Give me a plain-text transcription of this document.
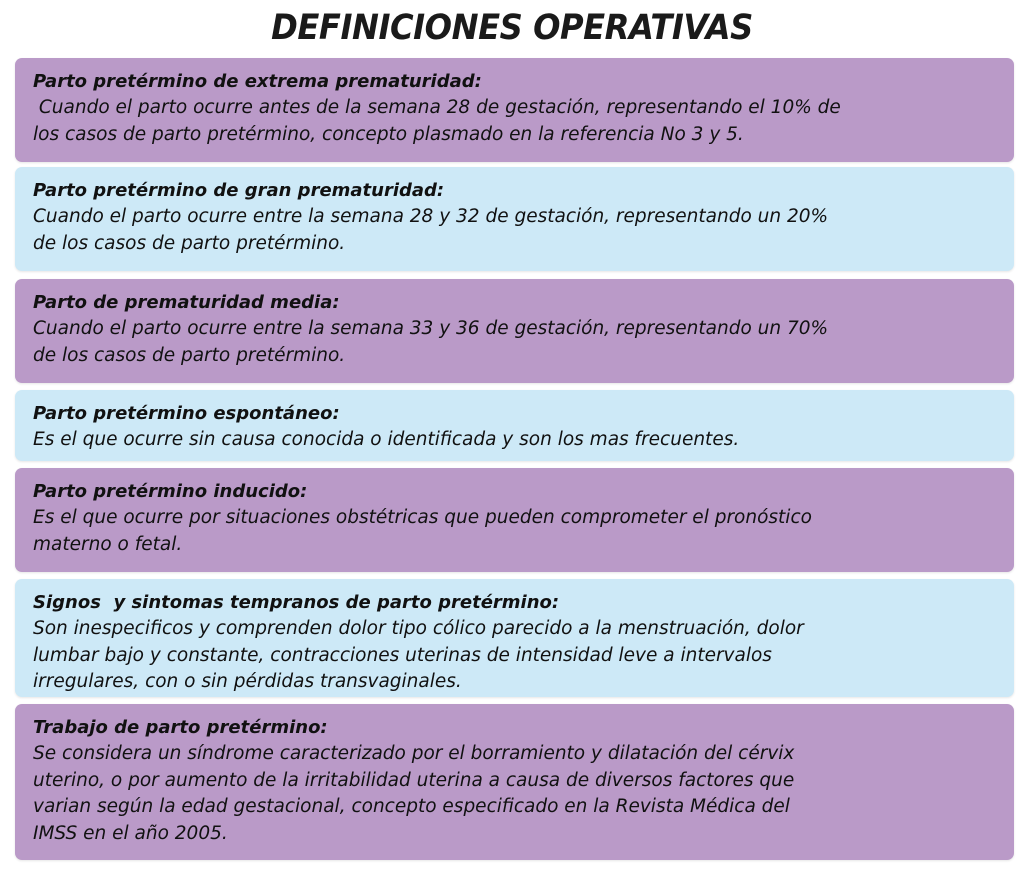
DEFINICIONES OPERATIVAS
Parto pretérmino de extrema prematuridad:
Cuando el parto ocurre antes de la semana 28 de gestación, representando el 10% de
los casos de parto pretérmino, concepto plasmado en la referencia No 3 y 5.
Parto pretérmino de gran prematuridad:
Cuando el parto ocurre entre la semana 28 y 32 de gestación, representando un 20%
de los casos de parto pretérmino.
Parto de prematuridad media:
Cuando el parto ocurre entre la semana 33 y 36 de gestación, representando un 70%
de los casos de parto pretérmino.
Parto pretérmino espontáneo:
Es el que ocurre sin causa conocida o identificada y son los mas frecuentes.
Parto pretérmino inducido:
Es el que ocurre por situaciones obstétricas que pueden comprometer el pronóstico
materno o fetal.
Signos  y sintomas tempranos de parto pretérmino:
Son inespecificos y comprenden dolor tipo cólico parecido a la menstruación, dolor
lumbar bajo y constante, contracciones uterinas de intensidad leve a intervalos
irregulares, con o sin pérdidas transvaginales.
Trabajo de parto pretérmino:
Se considera un síndrome caracterizado por el borramiento y dilatación del cérvix
uterino, o por aumento de la irritabilidad uterina a causa de diversos factores que
varian según la edad gestacional, concepto especificado en la Revista Médica del
IMSS en el año 2005.
